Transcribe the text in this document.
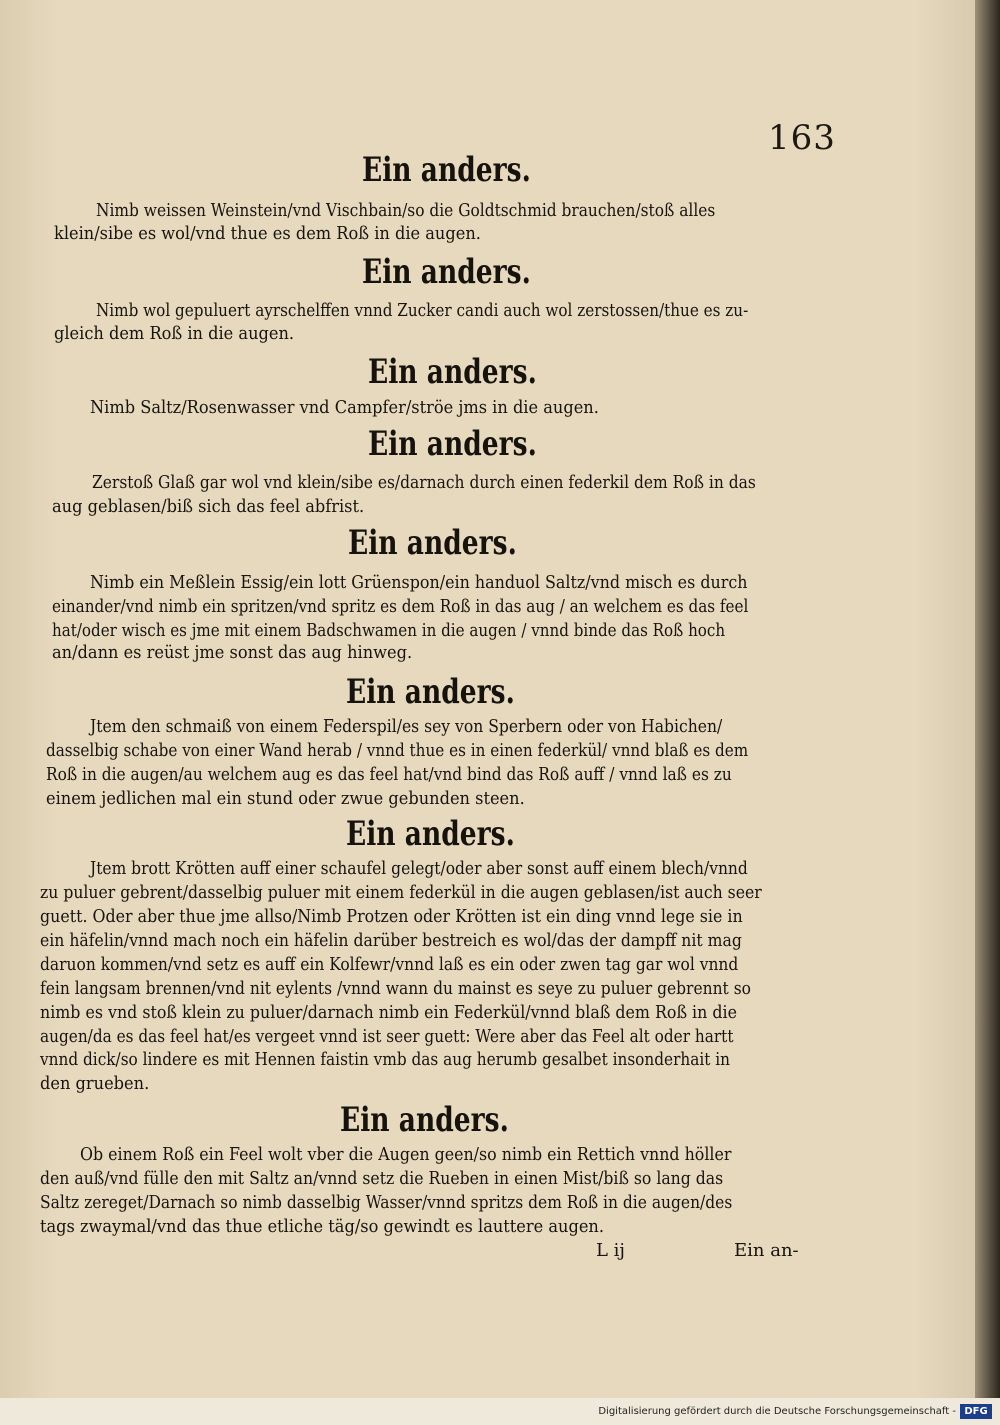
163
Ein anders.
Nimb weissen Weinstein/vnd Vischbain/so die Goldtschmid brauchen/stoß alles
klein/sibe es wol/vnd thue es dem Roß in die augen.
Ein anders.
Nimb wol gepuluert ayrschelffen vnnd Zucker candi auch wol zerstossen/thue es zu-
gleich dem Roß in die augen.
Ein anders.
Nimb Saltz/Rosenwasser vnd Campfer/ströe jms in die augen.
Ein anders.
Zerstoß Glaß gar wol vnd klein/sibe es/darnach durch einen federkil dem Roß in das
aug geblasen/biß sich das feel abfrist.
Ein anders.
Nimb ein Meßlein Essig/ein lott Grüenspon/ein handuol Saltz/vnd misch es durch
einander/vnd nimb ein spritzen/vnd spritz es dem Roß in das aug / an welchem es das feel
hat/oder wisch es jme mit einem Badschwamen in die augen / vnnd binde das Roß hoch
an/dann es reüst jme sonst das aug hinweg.
Ein anders.
Jtem den schmaiß von einem Federspil/es sey von Sperbern oder von Habichen/
dasselbig schabe von einer Wand herab / vnnd thue es in einen federkül/ vnnd blaß es dem
Roß in die augen/au welchem aug es das feel hat/vnd bind das Roß auff / vnnd laß es zu
einem jedlichen mal ein stund oder zwue gebunden steen.
Ein anders.
Jtem brott Krötten auff einer schaufel gelegt/oder aber sonst auff einem blech/vnnd
zu puluer gebrent/dasselbig puluer mit einem federkül in die augen geblasen/ist auch seer
guett. Oder aber thue jme allso/Nimb Protzen oder Krötten ist ein ding vnnd lege sie in
ein häfelin/vnnd mach noch ein häfelin darüber bestreich es wol/das der dampff nit mag
daruon kommen/vnd setz es auff ein Kolfewr/vnnd laß es ein oder zwen tag gar wol vnnd
fein langsam brennen/vnd nit eylents /vnnd wann du mainst es seye zu puluer gebrennt so
nimb es vnd stoß klein zu puluer/darnach nimb ein Federkül/vnnd blaß dem Roß in die
augen/da es das feel hat/es vergeet vnnd ist seer guett: Were aber das Feel alt oder hartt
vnnd dick/so lindere es mit Hennen faistin vmb das aug herumb gesalbet insonderhait in
den grueben.
Ein anders.
Ob einem Roß ein Feel wolt vber die Augen geen/so nimb ein Rettich vnnd höller
den auß/vnd fülle den mit Saltz an/vnnd setz die Rueben in einen Mist/biß so lang das
Saltz zereget/Darnach so nimb dasselbig Wasser/vnnd spritzs dem Roß in die augen/des
tags zwaymal/vnd das thue etliche täg/so gewindt es lauttere augen.
L ij	Ein an-
Digitalisierung gefördert durch die Deutsche Forschungsgemeinschaft - DFG
